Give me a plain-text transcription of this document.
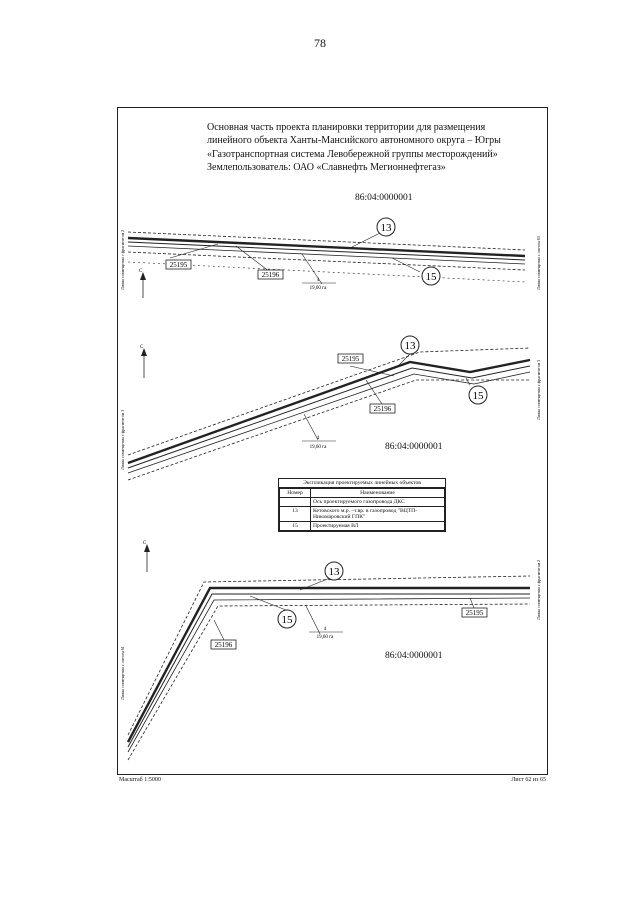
78
Основная часть проекта планировки территории для размещения
линейного объекта Ханты-Мансийского автономного округа – Югры
«Газотранспортная система Левобережной группы месторождений»
Землепользователь: ОАО «Славнефть Мегионнефтегаз»
86:04:0000001
86:04:0000001
86:04:0000001
13
15
25195
25196
4
19,60 га
С
Линия совмещения с фрагментом 2	Линия совмещения с листом 63
13
15
25195
25196
4
19,60 га
С
Линия совмещения с фрагментом 1
Линия совмещения с фрагментом 3
13
15
25195
25196
4
19,60 га
С
Линия совмещения с листом 61
Линия совмещения с фрагментом 2
Экспликация проектируемых линейных объектов
Номер	Наименование
	Ось проектируемого газопровода ДКС
13	Кетовского м.р. –т.вр. в газопровод "ВЦТП-Никомаровский ГПК"
15	Проектируемая ВЛ
Масштаб 1:5000	Лист 62 из 65
